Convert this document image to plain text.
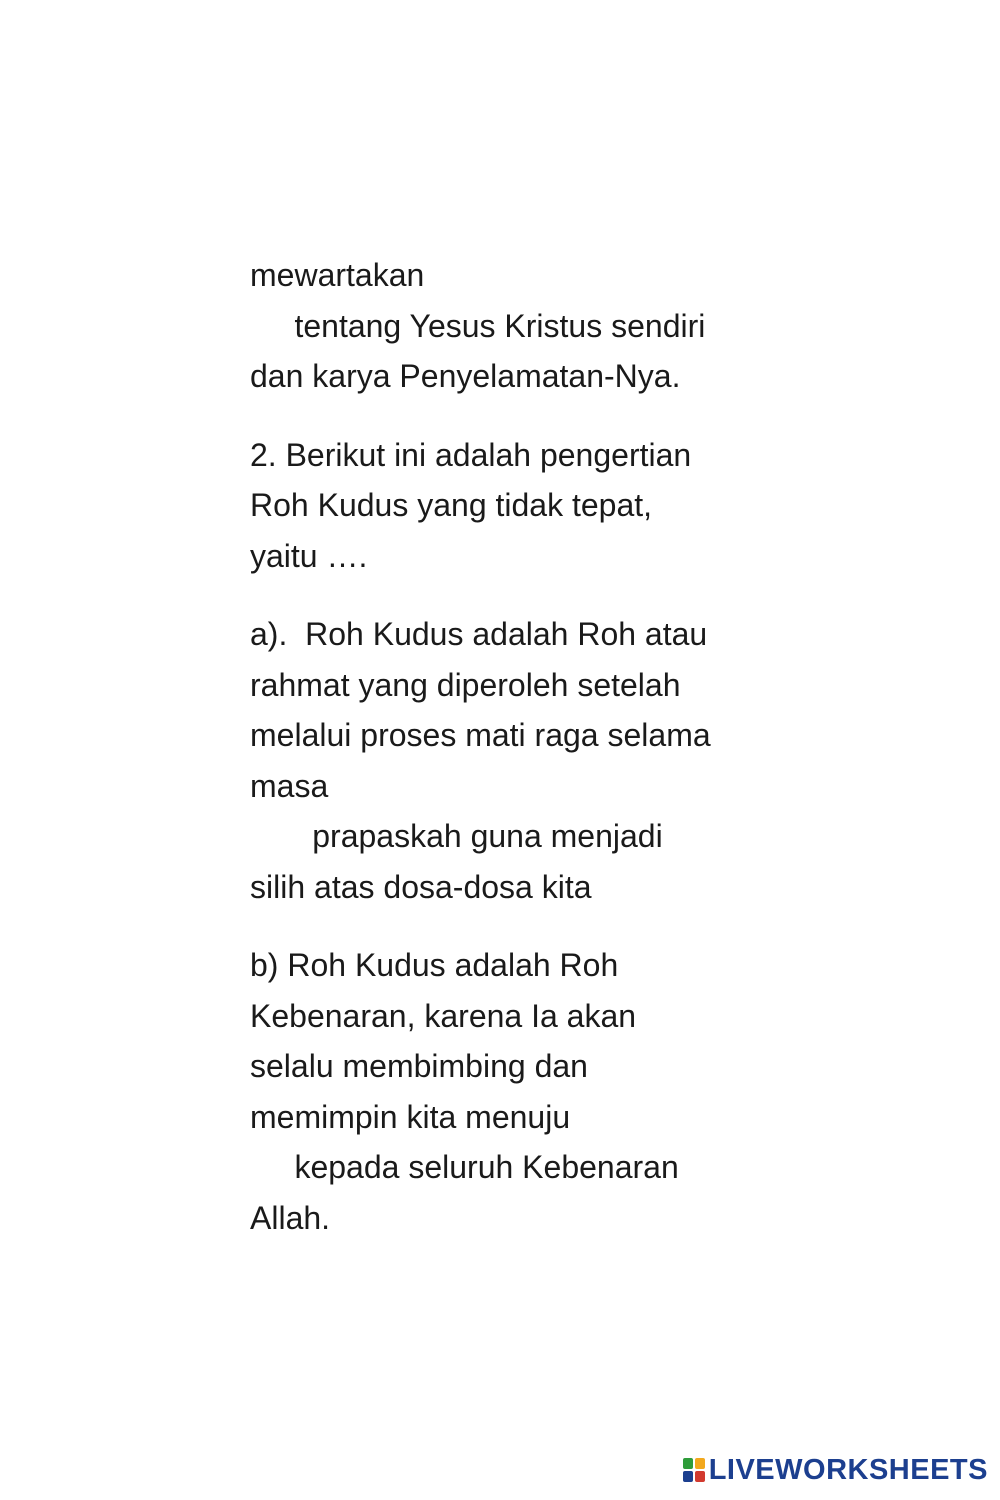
mewartakan
tentang Yesus Kristus sendiri
dan karya Penyelamatan-Nya.
2. Berikut ini adalah pengertian
Roh Kudus yang tidak tepat,
yaitu ….
a).  Roh Kudus adalah Roh atau
rahmat yang diperoleh setelah
melalui proses mati raga selama
masa
prapaskah guna menjadi
silih atas dosa-dosa kita
b) Roh Kudus adalah Roh
Kebenaran, karena Ia akan
selalu membimbing dan
memimpin kita menuju
kepada seluruh Kebenaran
Allah.
LIVEWORKSHEETS
